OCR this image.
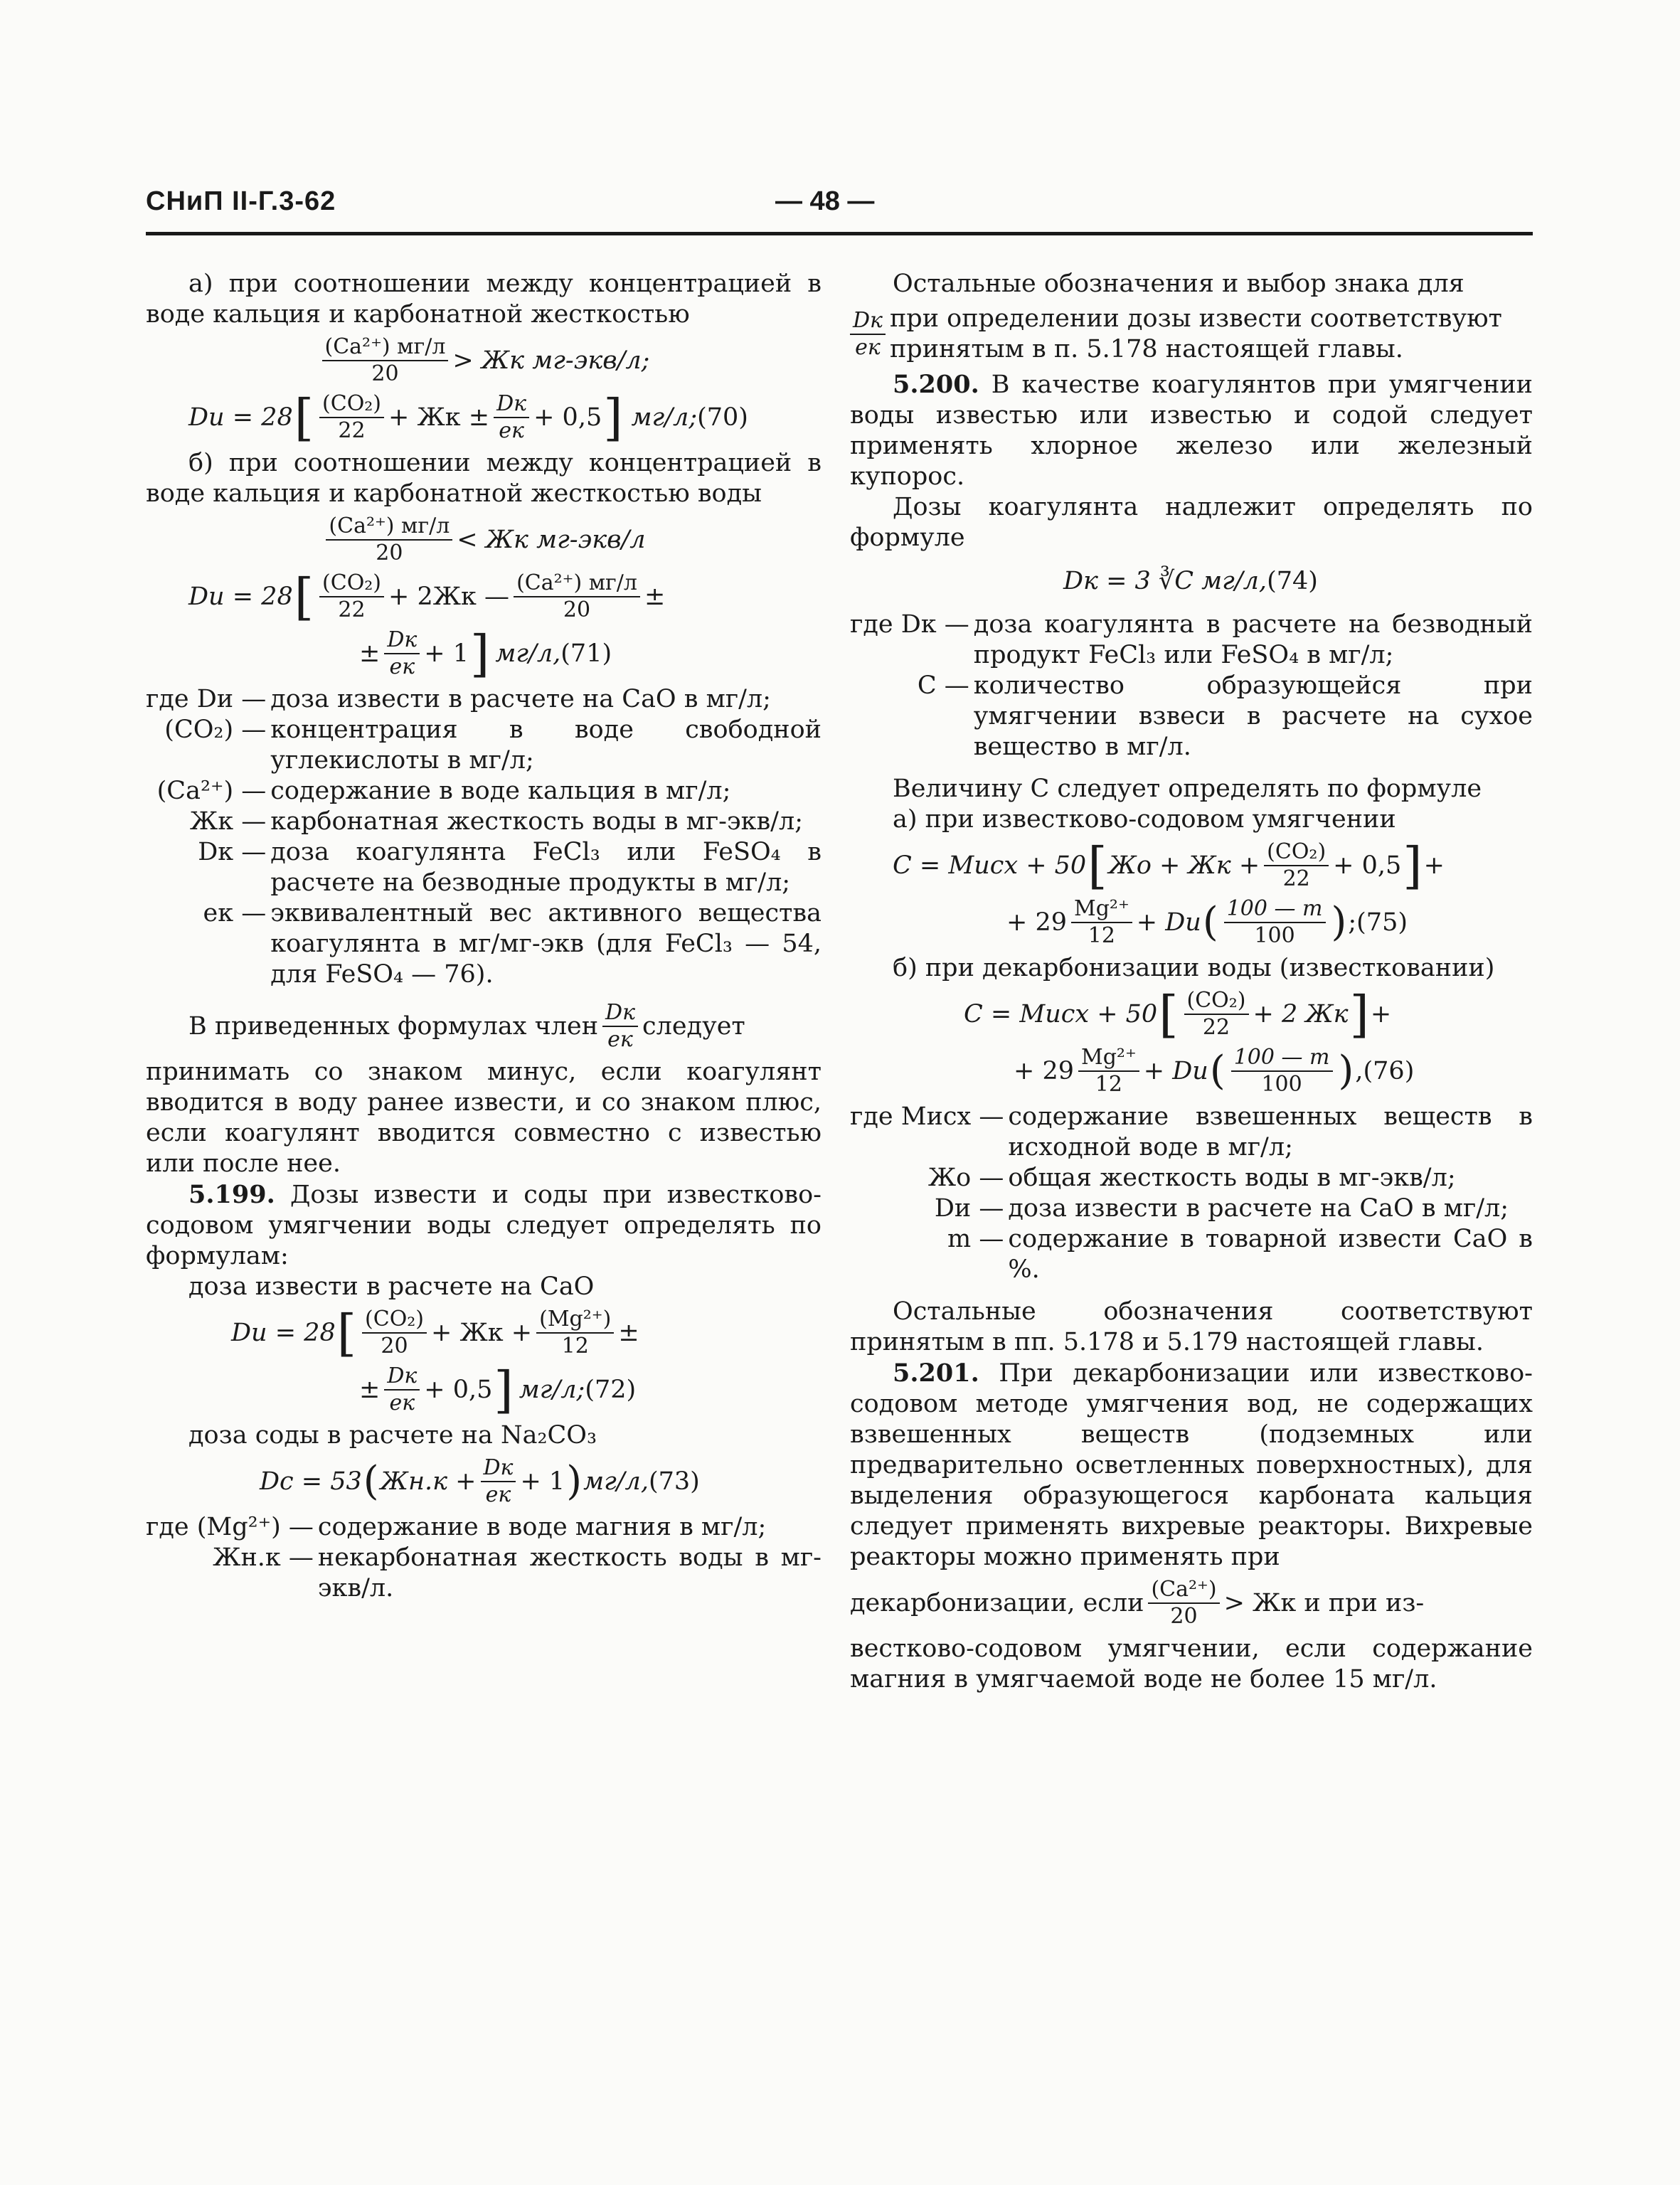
СНиП II-Г.3-62	— 48 —

а) при соотношении между концентрацией в воде кальция и карбонатной жесткостью

(Ca²⁺) мг/л
20 > Жк мг-экв/л;
Dи = 28 [ (CO₂)
22 + Жк ± Dк
eк + 0,5 ] мг/л; (70)

б) при соотношении между концентрацией в воде кальция и карбонатной жесткостью воды

(Ca²⁺) мг/л
20 < Жк мг-экв/л
Dи = 28 [ (CO₂)
22 + 2Жк — (Ca²⁺) мг/л
20 ±
± Dк
eк + 1 ] мг/л, (71)
где Dи — доза извести в расчете на CaO в мг/л;
(CO₂) — концентрация в воде свободной углекислоты в мг/л;
(Ca²⁺) — содержание в воде кальция в мг/л;
Жк — карбонатная жесткость воды в мг-экв/л;
Dк — доза коагулянта FeCl₃ или FeSO₄ в расчете на безводные продукты в мг/л;
eк — эквивалентный вес активного вещества коагулянта в мг/мг-экв (для FeCl₃ — 54, для FeSO₄ — 76).
В приведенных формулах член Dк
eк следует

принимать со знаком минус, если коагулянт вводится в воду ранее извести, и со знаком плюс, если коагулянт вводится совместно с известью или после нее.

5.199. Дозы извести и соды при известково-содовом умягчении воды следует определять по формулам:

доза извести в расчете на CaO

Dи = 28 [ (CO₂)
20 + Жк + $\frac{\text{(Mg²⁺)}}{12}$ ±
± Dк
eк + 0,5 ] мг/л; (72)

доза соды в расчете на Na₂CO₃

Dс = 53 ( Жн.к + Dк
eк + 1 ) мг/л, (73)
где (Mg²⁺) — содержание в воде магния в мг/л;
Жн.к — некарбонатная жесткость воды в мг-экв/л.

Остальные обозначения и выбор знака для

Dк
eк
при определении дозы извести соответствуют принятым в п. 5.178 настоящей главы.

5.200. В качестве коагулянтов при умягчении воды известью или известью и содой следует применять хлорное железо или железный купорос.

Дозы коагулянта надлежит определять по формуле

Dк = 3 ∛C мг/л, (74)
где Dк — доза коагулянта в расчете на безводный продукт FeCl₃ или FeSO₄ в мг/л;
C — количество образующейся при умягчении взвеси в расчете на сухое вещество в мг/л.

Величину C следует определять по формуле

а) при известково-содовом умягчении

C = Mисх + 50 [ Жо + Жк + $\frac{\text{(CO₂)}}{22} + 0,5$ ] +
+ 29 Mg²⁺
12 + Dи ( 100 — m
100 ) ; (75)

б) при декарбонизации воды (известковании)

C = Mисх + 50 [ (CO₂)
22 + 2 Жк ] +
+ 29 Mg²⁺
12 + Dи ( 100 — m
100 ) , (76)
где Mисх — содержание взвешенных веществ в исходной воде в мг/л;
Жо — общая жесткость воды в мг-экв/л;
Dи — доза извести в расчете на CaO в мг/л;
m — содержание в товарной извести CaO в %.

Остальные обозначения соответствуют принятым в пп. 5.178 и 5.179 настоящей главы.

5.201. При декарбонизации или известково-содовом методе умягчения вод, не содержащих взвешенных веществ (подземных или предварительно осветленных поверхностных), для выделения образующегося карбоната кальция следует применять вихревые реакторы. Вихревые реакторы можно применять при

декарбонизации, если (Ca²⁺)
20 > Жк и при из-

вестково-содовом умягчении, если содержание магния в умягчаемой воде не более 15 мг/л.
